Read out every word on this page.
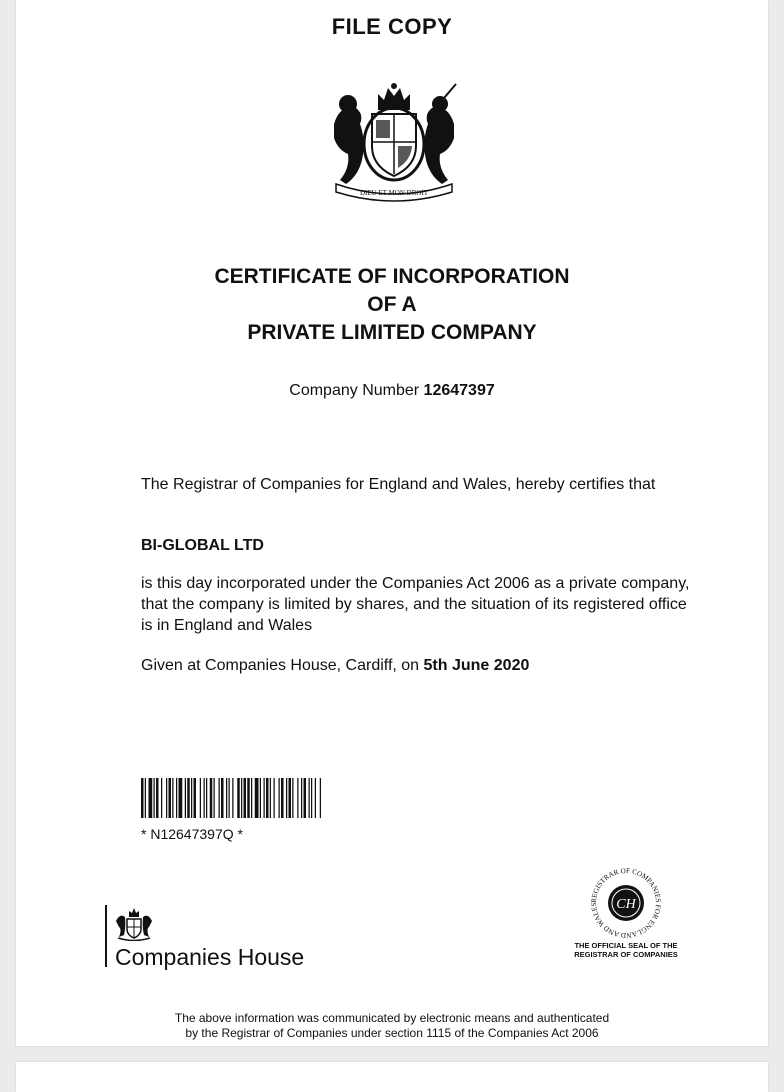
FILE COPY
DIEU ET MON DROIT
CERTIFICATE OF INCORPORATION
OF A
PRIVATE LIMITED COMPANY
Company Number 12647397
The Registrar of Companies for England and Wales, hereby certifies that
BI-GLOBAL LTD
is this day incorporated under the Companies Act 2006 as a private company, that the company is limited by shares, and the situation of its registered office is in England and Wales
Given at Companies House, Cardiff, on 5th June 2020
* N12647397Q *
Companies House
REGISTRAR OF COMPANIES FOR ENGLAND AND WALES	CH
THE OFFICIAL SEAL OF THE
REGISTRAR OF COMPANIES
The above information was communicated by electronic means and authenticated
by the Registrar of Companies under section 1115 of the Companies Act 2006
